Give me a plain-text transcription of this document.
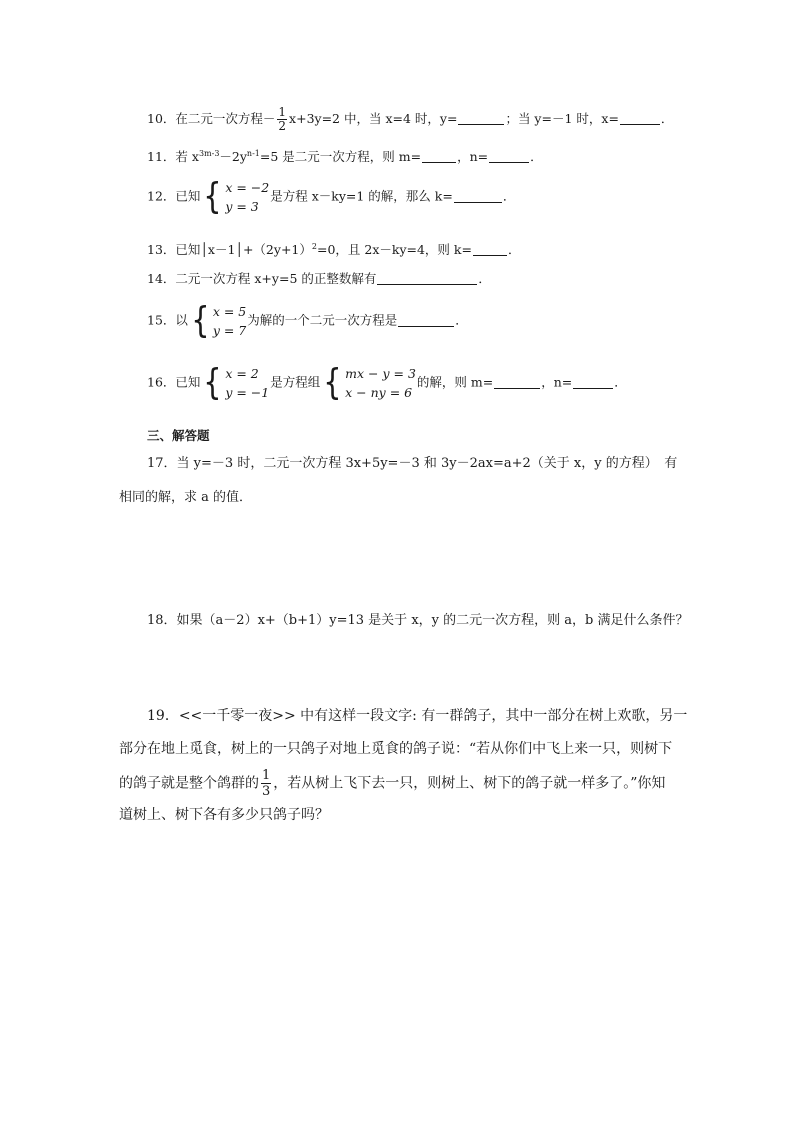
10．在二元一次方程－ $\frac{1}{2} x+3y=2$ 中，当 x=4 时，y=	；当 y=－1 时，x=	．
11．若 $x^{3m-3}-2y^{n-1}=5$ 是二元一次方程，则 m=	，n=	．
12．已知 { x = −2
y = 3
是方程 x－ky=1 的解，那么 k=	．
13．已知$│x-1│+(2y+1)^2=0$，且 2x－ky=4，则 k=	．
14．二元一次方程 x+y=5 的正整数解有	．
15．以 { x = 5
y = 7
为解的一个二元一次方程是	．
16．已知 { x = 2
y = −1
是方程组 { mx − y = 3
x − ny = 6
的解，则 m=	，n=	．
三、解答题
17．当 y=－3 时，二元一次方程 3x+5y=－3 和 3y－2ax=a+2（关于 x，y 的方程）　有
相同的解，求 a 的值．
18．如果（a－2）x+（b+1）y=13 是关于 x，y 的二元一次方程，则 a，b 满足什么条件？
19．<<一千零一夜>> 中有这样一段文字: 有一群鸽子，其中一部分在树上欢歌，另一
部分在地上觅食，树上的一只鸽子对地上觅食的鸽子说：“若从你们中飞上来一只，则树下
的鸽子就是整个鸽群的 $\frac{1}{3}$ ，若从树上飞下去一只，则树上、树下的鸽子就一样多了。”你知
道树上、树下各有多少只鸽子吗？
